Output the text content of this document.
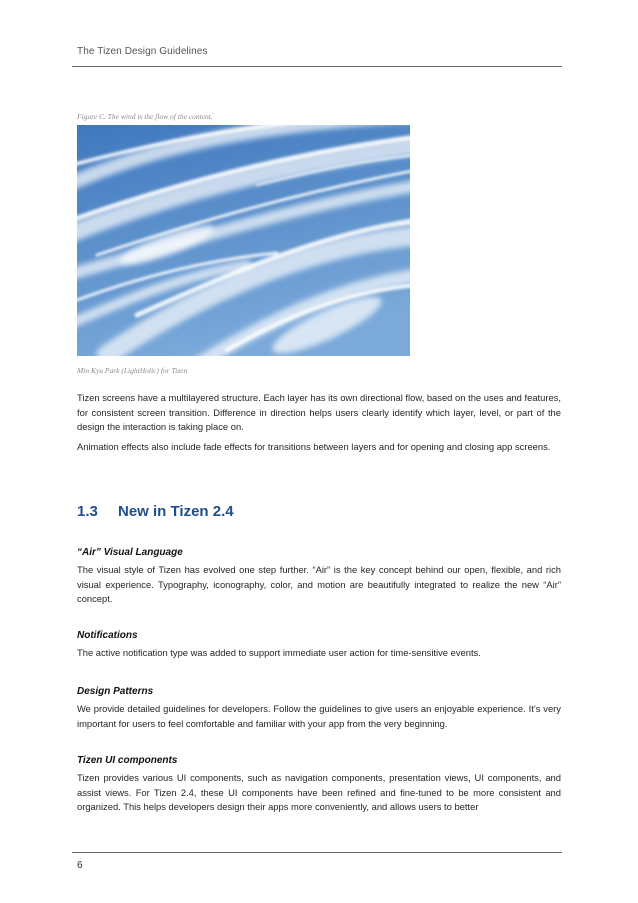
The Tizen Design Guidelines
Figure C. The wind is the flow of the content.
Min Kyu Park (LightHolic) for Tizen

Tizen screens have a multilayered structure. Each layer has its own directional flow, based on the uses and features, for consistent screen transition. Difference in direction helps users clearly identify which layer, level, or part of the design the interaction is taking place on.

Animation effects also include fade effects for transitions between layers and for opening and closing app screens.

1.3 New in Tizen 2.4
“Air” Visual Language

The visual style of Tizen has evolved one step further. “Air” is the key concept behind our open, flexible, and rich visual experience. Typography, iconography, color, and motion are beautifully integrated to realize the new “Air” concept.

Notifications

The active notification type was added to support immediate user action for time-sensitive events.

Design Patterns

We provide detailed guidelines for developers. Follow the guidelines to give users an enjoyable experience. It’s very important for users to feel comfortable and familiar with your app from the very beginning.

Tizen UI components

Tizen provides various UI components, such as navigation components, presentation views, UI components, and assist views. For Tizen 2.4, these UI components have been refined and fine-tuned to be more consistent and organized. This helps developers design their apps more conveniently, and allows users to better

6
